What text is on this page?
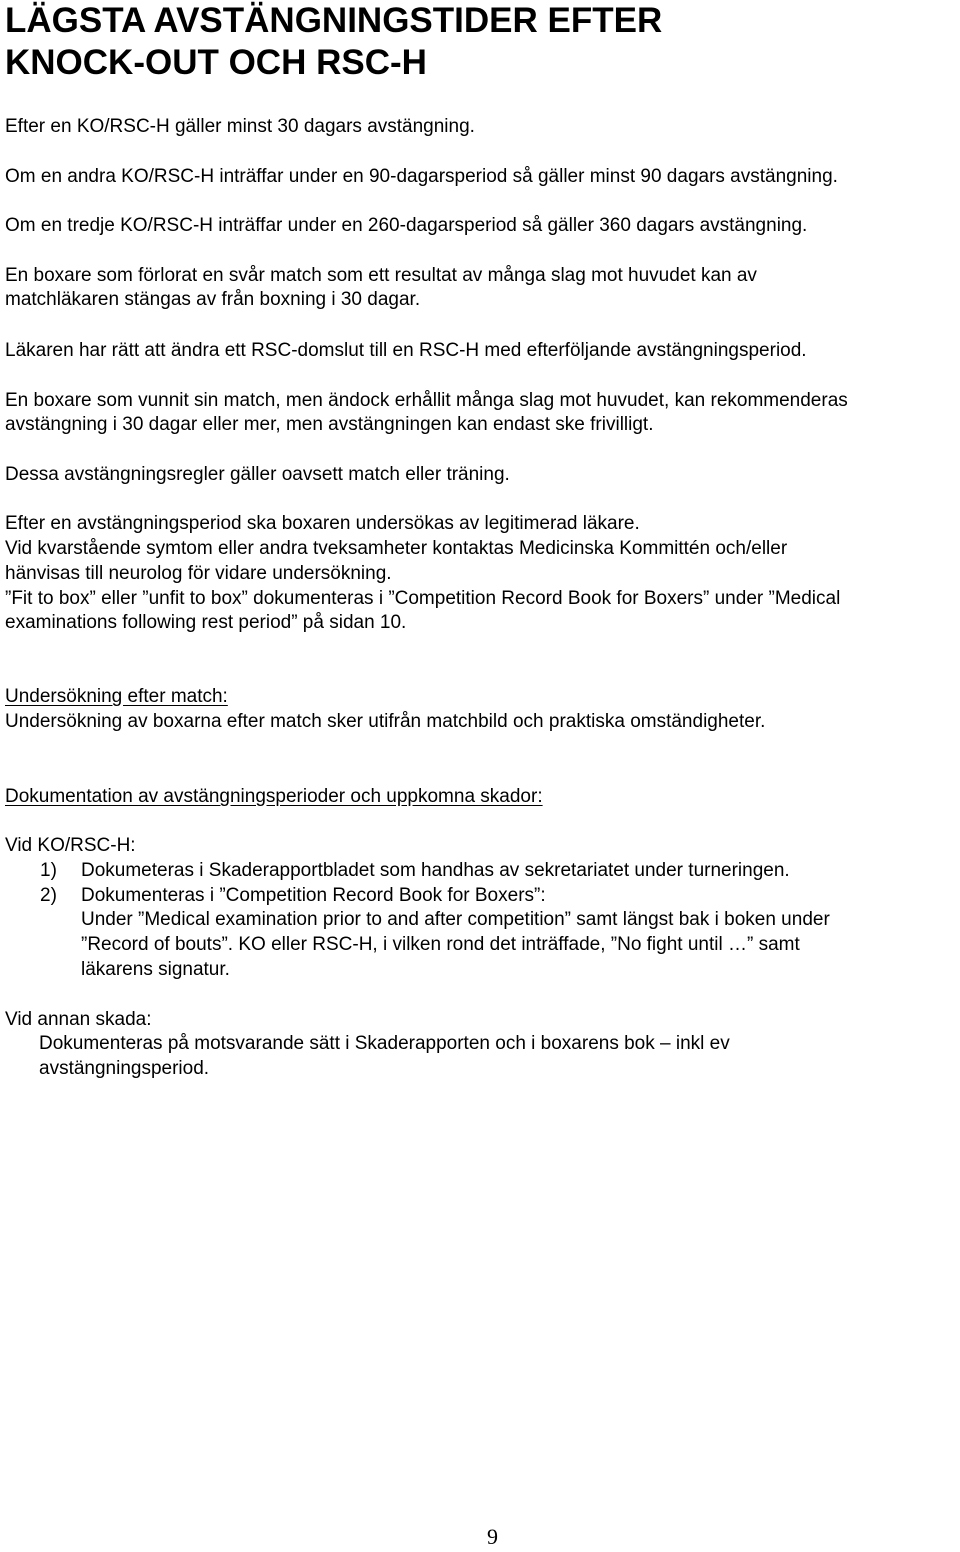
LÄGSTA AVSTÄNGNINGSTIDER EFTER
KNOCK-OUT OCH RSC-H

Efter en KO/RSC-H gäller minst 30 dagars avstängning.

Om en andra KO/RSC-H inträffar under en 90-dagarsperiod så gäller minst 90 dagars avstängning.

Om en tredje KO/RSC-H inträffar under en 260-dagarsperiod så gäller 360 dagars avstängning.

En boxare som förlorat en svår match som ett resultat av många slag mot huvudet kan av

matchläkaren stängas av från boxning i 30 dagar.

Läkaren har rätt att ändra ett RSC-domslut till en RSC-H med efterföljande avstängningsperiod.

En boxare som vunnit sin match, men ändock erhållit många slag mot huvudet, kan rekommenderas

avstängning i 30 dagar eller mer, men avstängningen kan endast ske frivilligt.

Dessa avstängningsregler gäller oavsett match eller träning.

Efter en avstängningsperiod ska boxaren undersökas av legitimerad läkare.

Vid kvarstående symtom eller andra tveksamheter kontaktas Medicinska Kommittén och/eller

hänvisas till neurolog för vidare undersökning.

”Fit to box” eller ”unfit to box” dokumenteras i ”Competition Record Book for Boxers” under ”Medical

examinations following rest period” på sidan 10.

Undersökning efter match:

Undersökning av boxarna efter match sker utifrån matchbild och praktiska omständigheter.

Dokumentation av avstängningsperioder och uppkomna skador:

Vid KO/RSC-H:

1) Dokumeteras i Skaderapportbladet som handhas av sekretariatet under turneringen.
2) Dokumenteras i ”Competition Record Book for Boxers”:
Under ”Medical examination prior to and after competition” samt längst bak i boken under
”Record of bouts”. KO eller RSC-H, i vilken rond det inträffade, ”No fight until …” samt
läkarens signatur.

Vid annan skada:

Dokumenteras på motsvarande sätt i Skaderapporten och i boxarens bok – inkl ev
avstängningsperiod.
9
